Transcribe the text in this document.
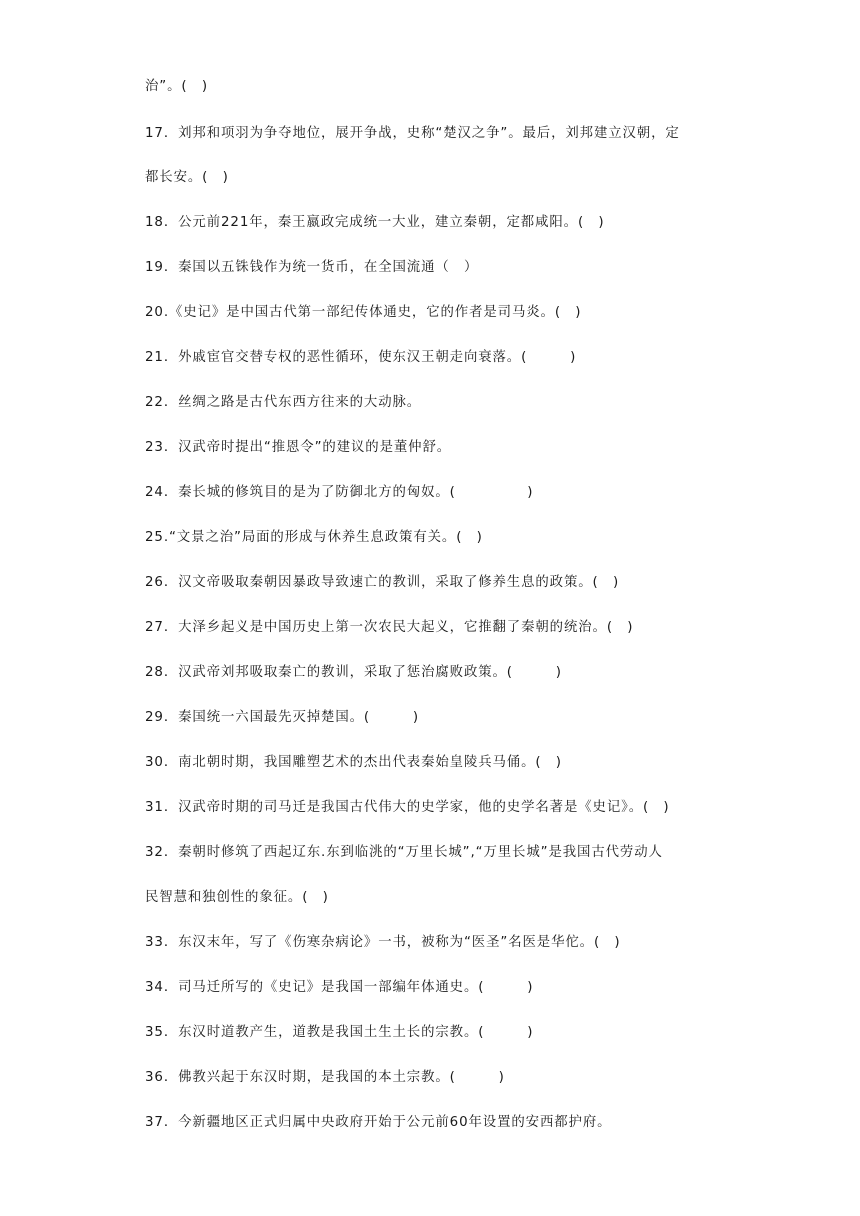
治”。(　)
17．刘邦和项羽为争夺地位，展开争战，史称“楚汉之争”。最后，刘邦建立汉朝，定
都长安。(　)
18．公元前221年，秦王嬴政完成统一大业，建立秦朝，定都咸阳。(　)
19．秦国以五铢钱作为统一货币，在全国流通（　）
20.《史记》是中国古代第一部纪传体通史，它的作者是司马炎。(　)
21．外戚宦官交替专权的恶性循环，使东汉王朝走向衰落。(　　　)
22．丝绸之路是古代东西方往来的大动脉。
23．汉武帝时提出“推恩令”的建议的是董仲舒。
24．秦长城的修筑目的是为了防御北方的匈奴。(　　　　　)
25.“文景之治”局面的形成与休养生息政策有关。(　)
26．汉文帝吸取秦朝因暴政导致速亡的教训，采取了修养生息的政策。(　)
27．大泽乡起义是中国历史上第一次农民大起义，它推翻了秦朝的统治。(　)
28．汉武帝刘邦吸取秦亡的教训，采取了惩治腐败政策。(　　　)
29．秦国统一六国最先灭掉楚国。(　　　)
30．南北朝时期，我国雕塑艺术的杰出代表秦始皇陵兵马俑。(　)
31．汉武帝时期的司马迁是我国古代伟大的史学家，他的史学名著是《史记》。(　)
32．秦朝时修筑了西起辽东.东到临洮的“万里长城”,“万里长城”是我国古代劳动人
民智慧和独创性的象征。(　)
33．东汉末年，写了《伤寒杂病论》一书，被称为“医圣”名医是华佗。(　)
34．司马迁所写的《史记》是我国一部编年体通史。(　　　)
35．东汉时道教产生，道教是我国土生土长的宗教。(　　　)
36．佛教兴起于东汉时期，是我国的本土宗教。(　　　)
37．今新疆地区正式归属中央政府开始于公元前60年设置的安西都护府。
